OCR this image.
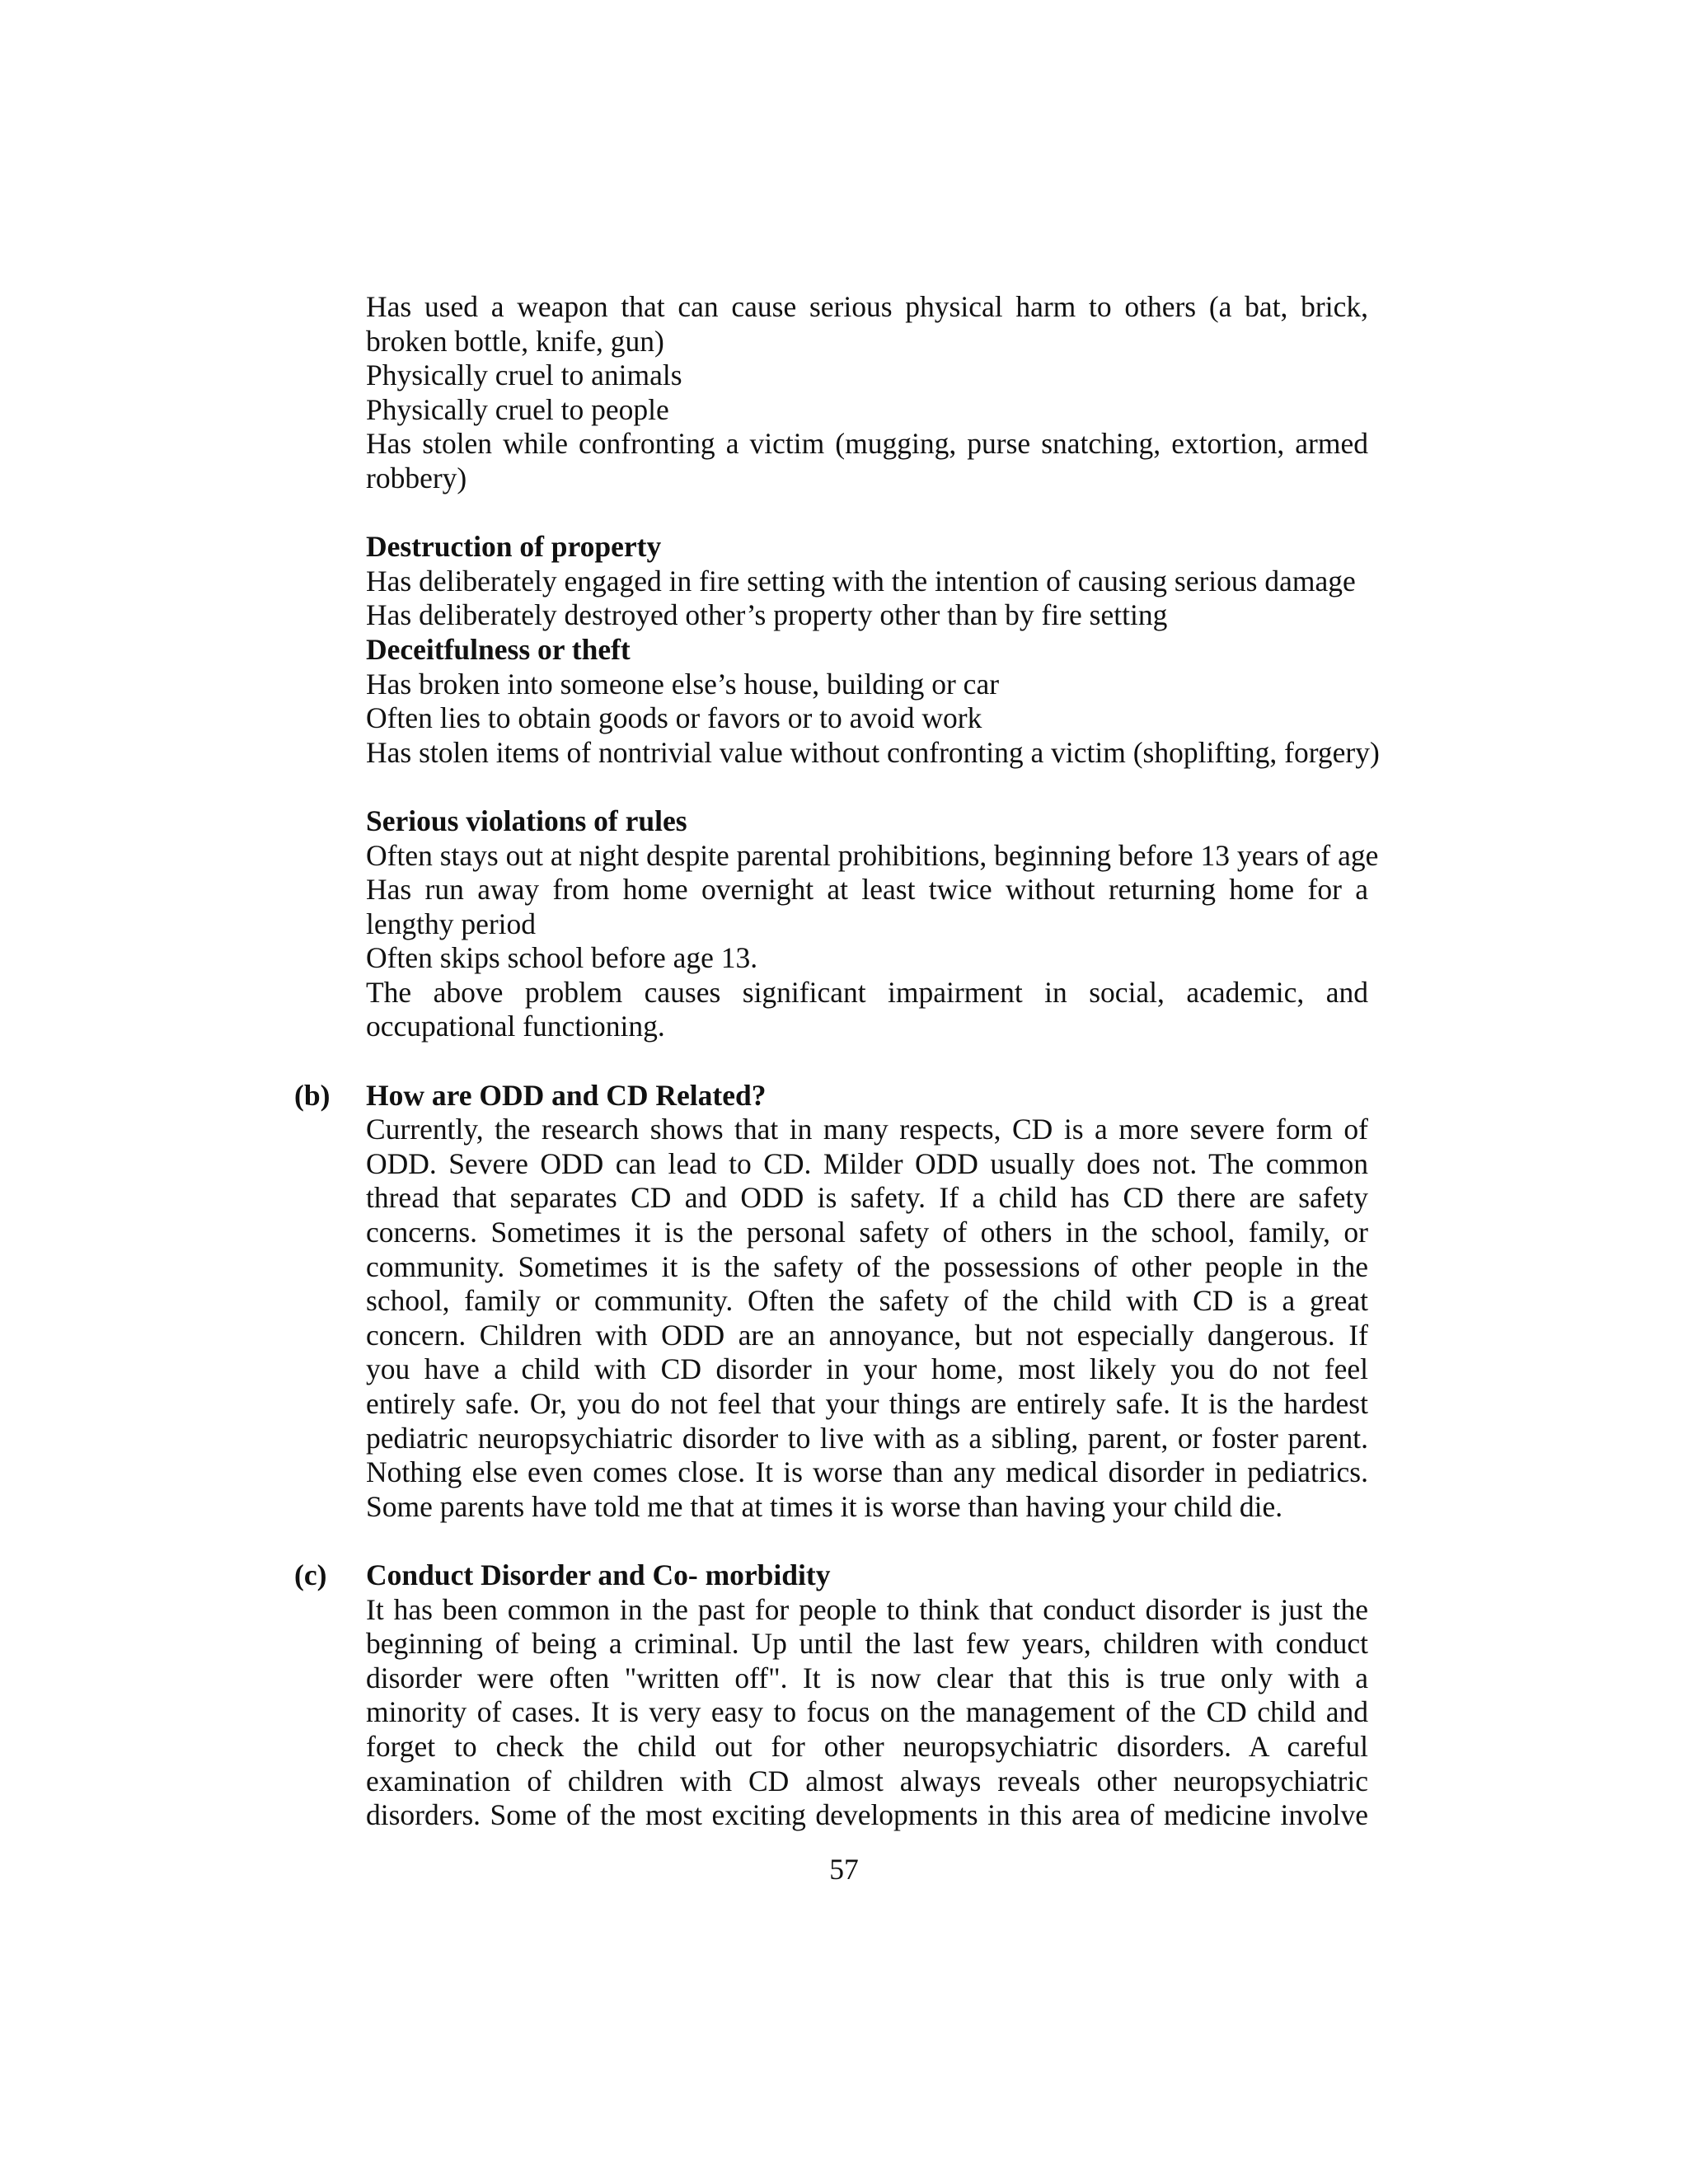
Has used a weapon that can cause serious physical harm to others (a bat, brick,
broken bottle, knife, gun)
Physically cruel to animals
Physically cruel to people
Has stolen while confronting a victim (mugging, purse snatching, extortion, armed
robbery)
Destruction of property
Has deliberately engaged in fire setting with the intention of causing serious damage
Has deliberately destroyed other’s property other than by fire setting
Deceitfulness or theft
Has broken into someone else’s house, building or car
Often lies to obtain goods or favors or to avoid work
Has stolen items of nontrivial value without confronting a victim (shoplifting, forgery)
Serious violations of rules
Often stays out at night despite parental prohibitions, beginning before 13 years of age
Has run away from home overnight at least twice without returning home for a
lengthy period
Often skips school before age 13.
The above problem causes significant impairment in social, academic, and
occupational functioning.
(b) How are ODD and CD Related?
Currently, the research shows that in many respects, CD is a more severe form of
ODD. Severe ODD can lead to CD. Milder ODD usually does not. The common
thread that separates CD and ODD is safety. If a child has CD there are safety
concerns. Sometimes it is the personal safety of others in the school, family, or
community. Sometimes it is the safety of the possessions of other people in the
school, family or community. Often the safety of the child with CD is a great
concern. Children with ODD are an annoyance, but not especially dangerous. If
you have a child with CD disorder in your home, most likely you do not feel
entirely safe. Or, you do not feel that your things are entirely safe. It is the hardest
pediatric neuropsychiatric disorder to live with as a sibling, parent, or foster parent.
Nothing else even comes close. It is worse than any medical disorder in pediatrics.
Some parents have told me that at times it is worse than having your child die.
(c) Conduct Disorder and Co- morbidity
It has been common in the past for people to think that conduct disorder is just the
beginning of being a criminal. Up until the last few years, children with conduct
disorder were often "written off". It is now clear that this is true only with a
minority of cases. It is very easy to focus on the management of the CD child and
forget to check the child out for other neuropsychiatric disorders. A careful
examination of children with CD almost always reveals other neuropsychiatric
disorders. Some of the most exciting developments in this area of medicine involve
57
